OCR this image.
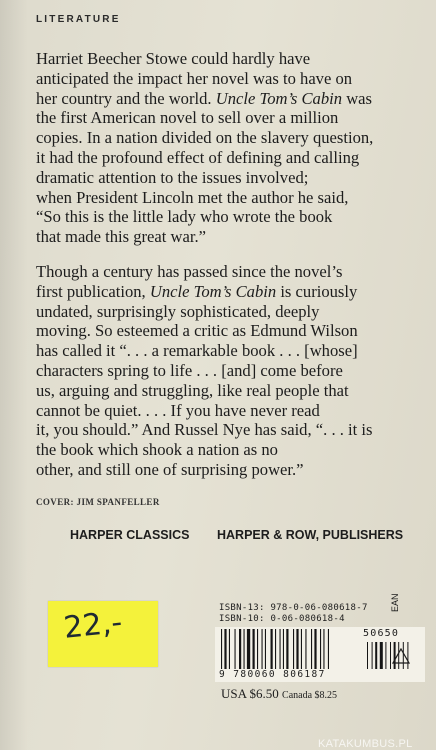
LITERATURE
Harriet Beecher Stowe could hardly have
anticipated the impact her novel was to have on
her country and the world. Uncle Tom’s Cabin was
the first American novel to sell over a million
copies. In a nation divided on the slavery question,
it had the profound effect of defining and calling
dramatic attention to the issues involved;
when President Lincoln met the author he said,
“So this is the little lady who wrote the book
that made this great war.”
Though a century has passed since the novel’s
first publication, Uncle Tom’s Cabin is curiously
undated, surprisingly sophisticated, deeply
moving. So esteemed a critic as Edmund Wilson
has called it “. . . a remarkable book . . . [whose]
characters spring to life . . . [and] come before
us, arguing and struggling, like real people that
cannot be quiet. . . . If you have never read
it, you should.” And Russel Nye has said, “. . . it is
the book which shook a nation as no
other, and still one of surprising power.”
COVER: JIM SPANFELLER
HARPER CLASSICS HARPER & ROW, PUBLISHERS
22,-	ISBN-13: 978-0-06-080618-7
ISBN-10: 0-06-080618-4
50650
9 780060 806187
EAN
USA $6.50 Canada $8.25
KATAKUMBUS.PL
